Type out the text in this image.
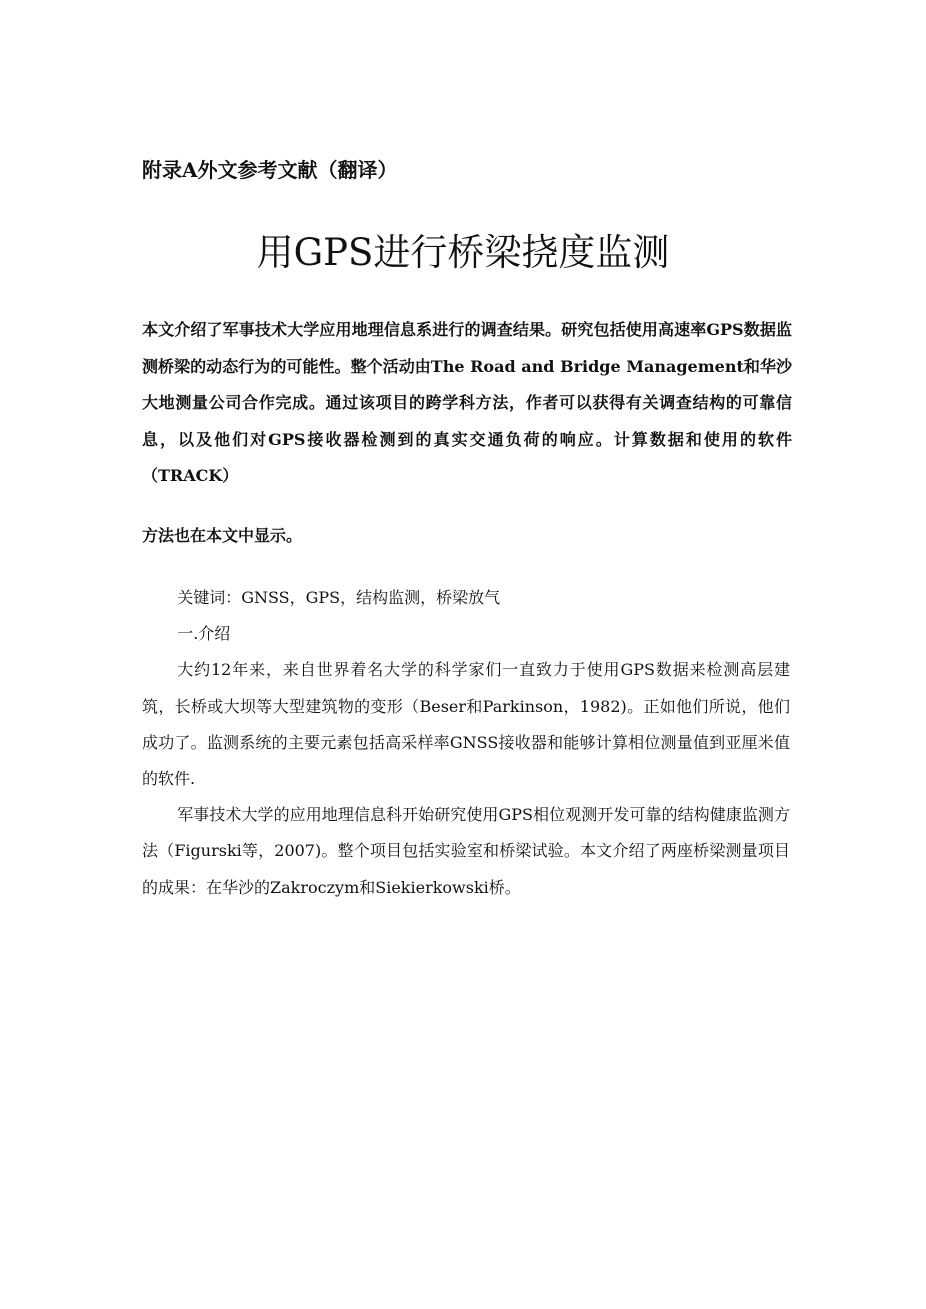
附录A外文参考文献（翻译）
用GPS进行桥梁挠度监测

本文介绍了军事技术大学应用地理信息系进行的调查结果。研究包括使用高速率GPS数据监测桥梁的动态行为的可能性。整个活动由The Road and Bridge Management和华沙大地测量公司合作完成。通过该项目的跨学科方法，作者可以获得有关调查结构的可靠信息，以及他们对GPS接收器检测到的真实交通负荷的响应。计算数据和使用的软件（TRACK）

方法也在本文中显示。

关键词：GNSS，GPS，结构监测，桥梁放气

一.介绍

大约12年来，来自世界着名大学的科学家们一直致力于使用GPS数据来检测高层建筑，长桥或大坝等大型建筑物的变形（Beser和Parkinson，1982)。正如他们所说，他们成功了。监测系统的主要元素包括高采样率GNSS接收器和能够计算相位测量值到亚厘米值的软件.

军事技术大学的应用地理信息科开始研究使用GPS相位观测开发可靠的结构健康监测方法（Figurski等，2007)。整个项目包括实验室和桥梁试验。本文介绍了两座桥梁测量项目的成果：在华沙的Zakroczym和Siekierkowski桥。
